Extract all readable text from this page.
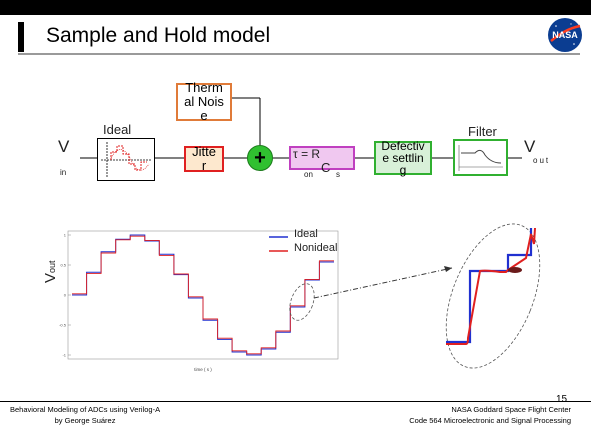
Sample and Hold model	NASA
V
in
Ideal
Thermal Noise
Jitter	+	τ = R
C
on	s
Defective settling
Filter
V
out
Vout
1
0.5
0
-0.5
-1
time ( s )
Ideal
Nonideal
15
Behavioral Modeling of ADCs using Verilog-A
by George Suárez
NASA Goddard Space Flight Center
Code 564 Microelectronic and Signal Processing
